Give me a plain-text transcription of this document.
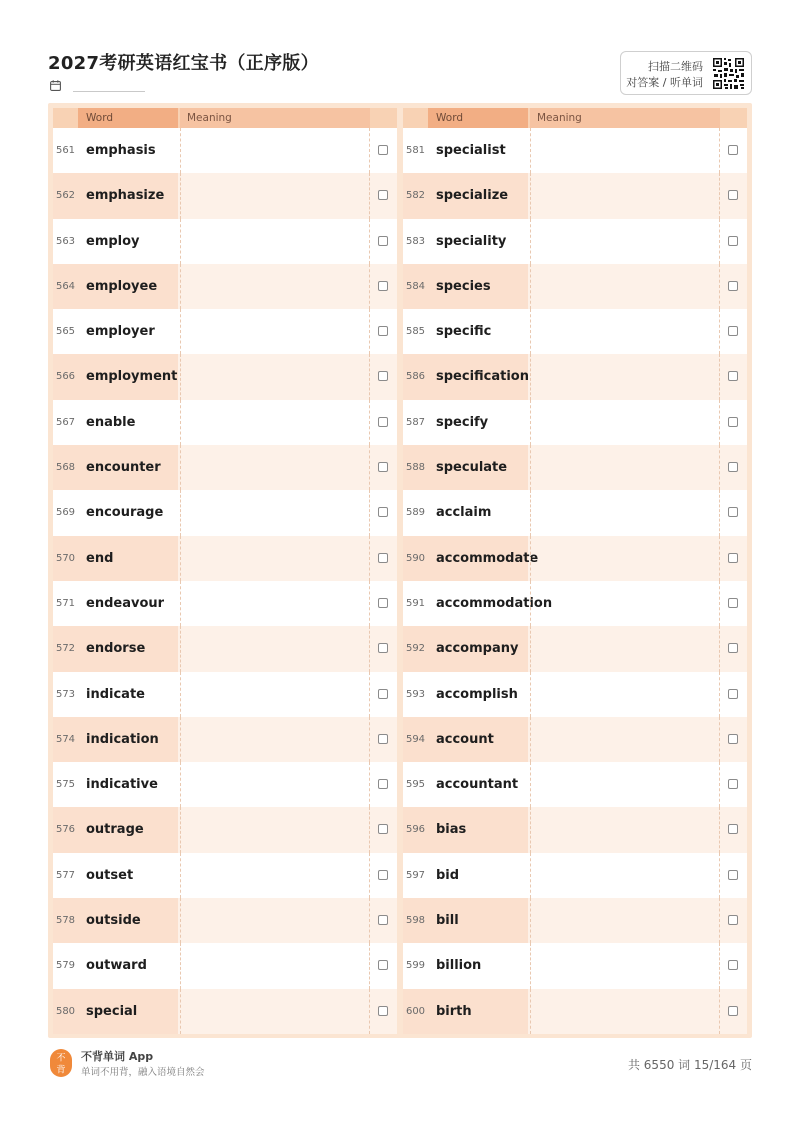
2027考研英语红宝书（正序版）	扫描二维码
对答案 / 听单词
Word	Meaning
561 emphasis
562 emphasize
563 employ
564 employee
565 employer
566 employment
567 enable
568 encounter
569 encourage
570 end
571 endeavour
572 endorse
573 indicate
574 indication
575 indicative
576 outrage
577 outset
578 outside
579 outward
580 special
Word	Meaning
581 specialist
582 specialize
583 speciality
584 species
585 specific
586 specification
587 specify
588 speculate
589 acclaim
590 accommodate
591 accommodation
592 accompany
593 accomplish
594 account
595 accountant
596 bias
597 bid
598 bill
599 billion
600 birth
不
背
不背单词 App
单词不用背，融入语境自然会
共 6550 词 15/164 页
